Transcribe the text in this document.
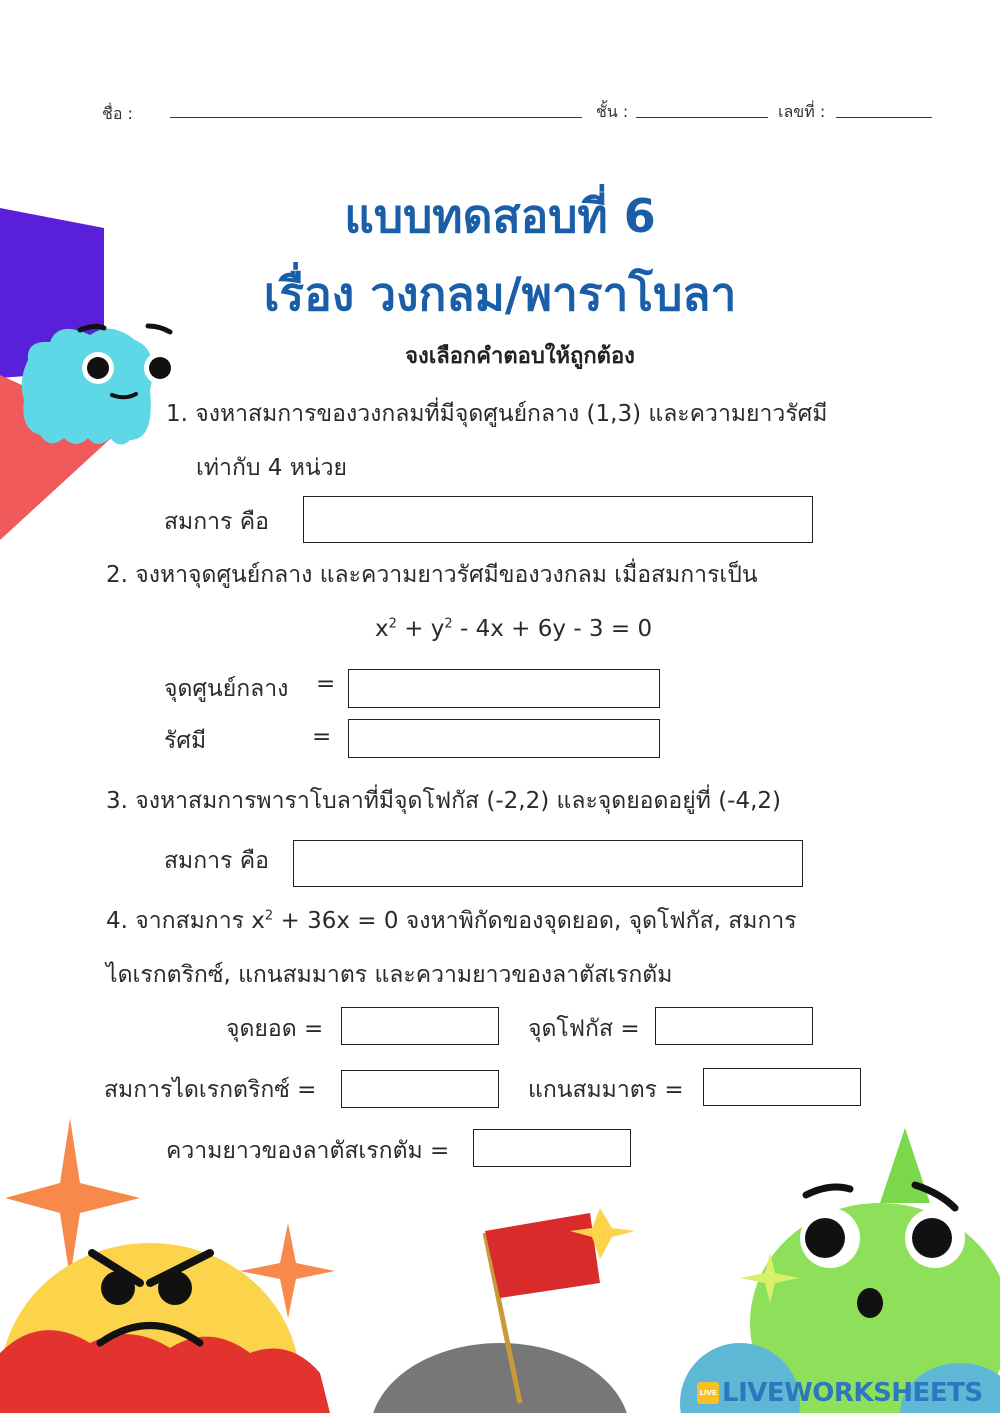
ชื่อ :	ชั้น :	เลขที่ :
แบบทดสอบที่ 6
เรื่อง วงกลม/พาราโบลา
จงเลือกคำตอบให้ถูกต้อง
1. จงหาสมการของวงกลมที่มีจุดศูนย์กลาง (1,3) และความยาวรัศมี
เท่ากับ 4 หน่วย
สมการ คือ
2. จงหาจุดศูนย์กลาง และความยาวรัศมีของวงกลม เมื่อสมการเป็น
$x^2 + y^2 - 4x + 6y - 3 = 0$
จุดศูนย์กลาง =
รัศมี	=
3. จงหาสมการพาราโบลาที่มีจุดโฟกัส (-2,2) และจุดยอดอยู่ที่ (-4,2)
สมการ คือ
4. จากสมการ $x^2 + 36x = 0$ จงหาพิกัดของจุดยอด, จุดโฟกัส, สมการ
ไดเรกตริกซ์, แกนสมมาตร และความยาวของลาตัสเรกตัม
จุดยอด =	จุดโฟกัส =
สมการไดเรกตริกซ์ =	แกนสมมาตร =
ความยาวของลาตัสเรกตัม =
LIVE LIVEWORKSHEETS
